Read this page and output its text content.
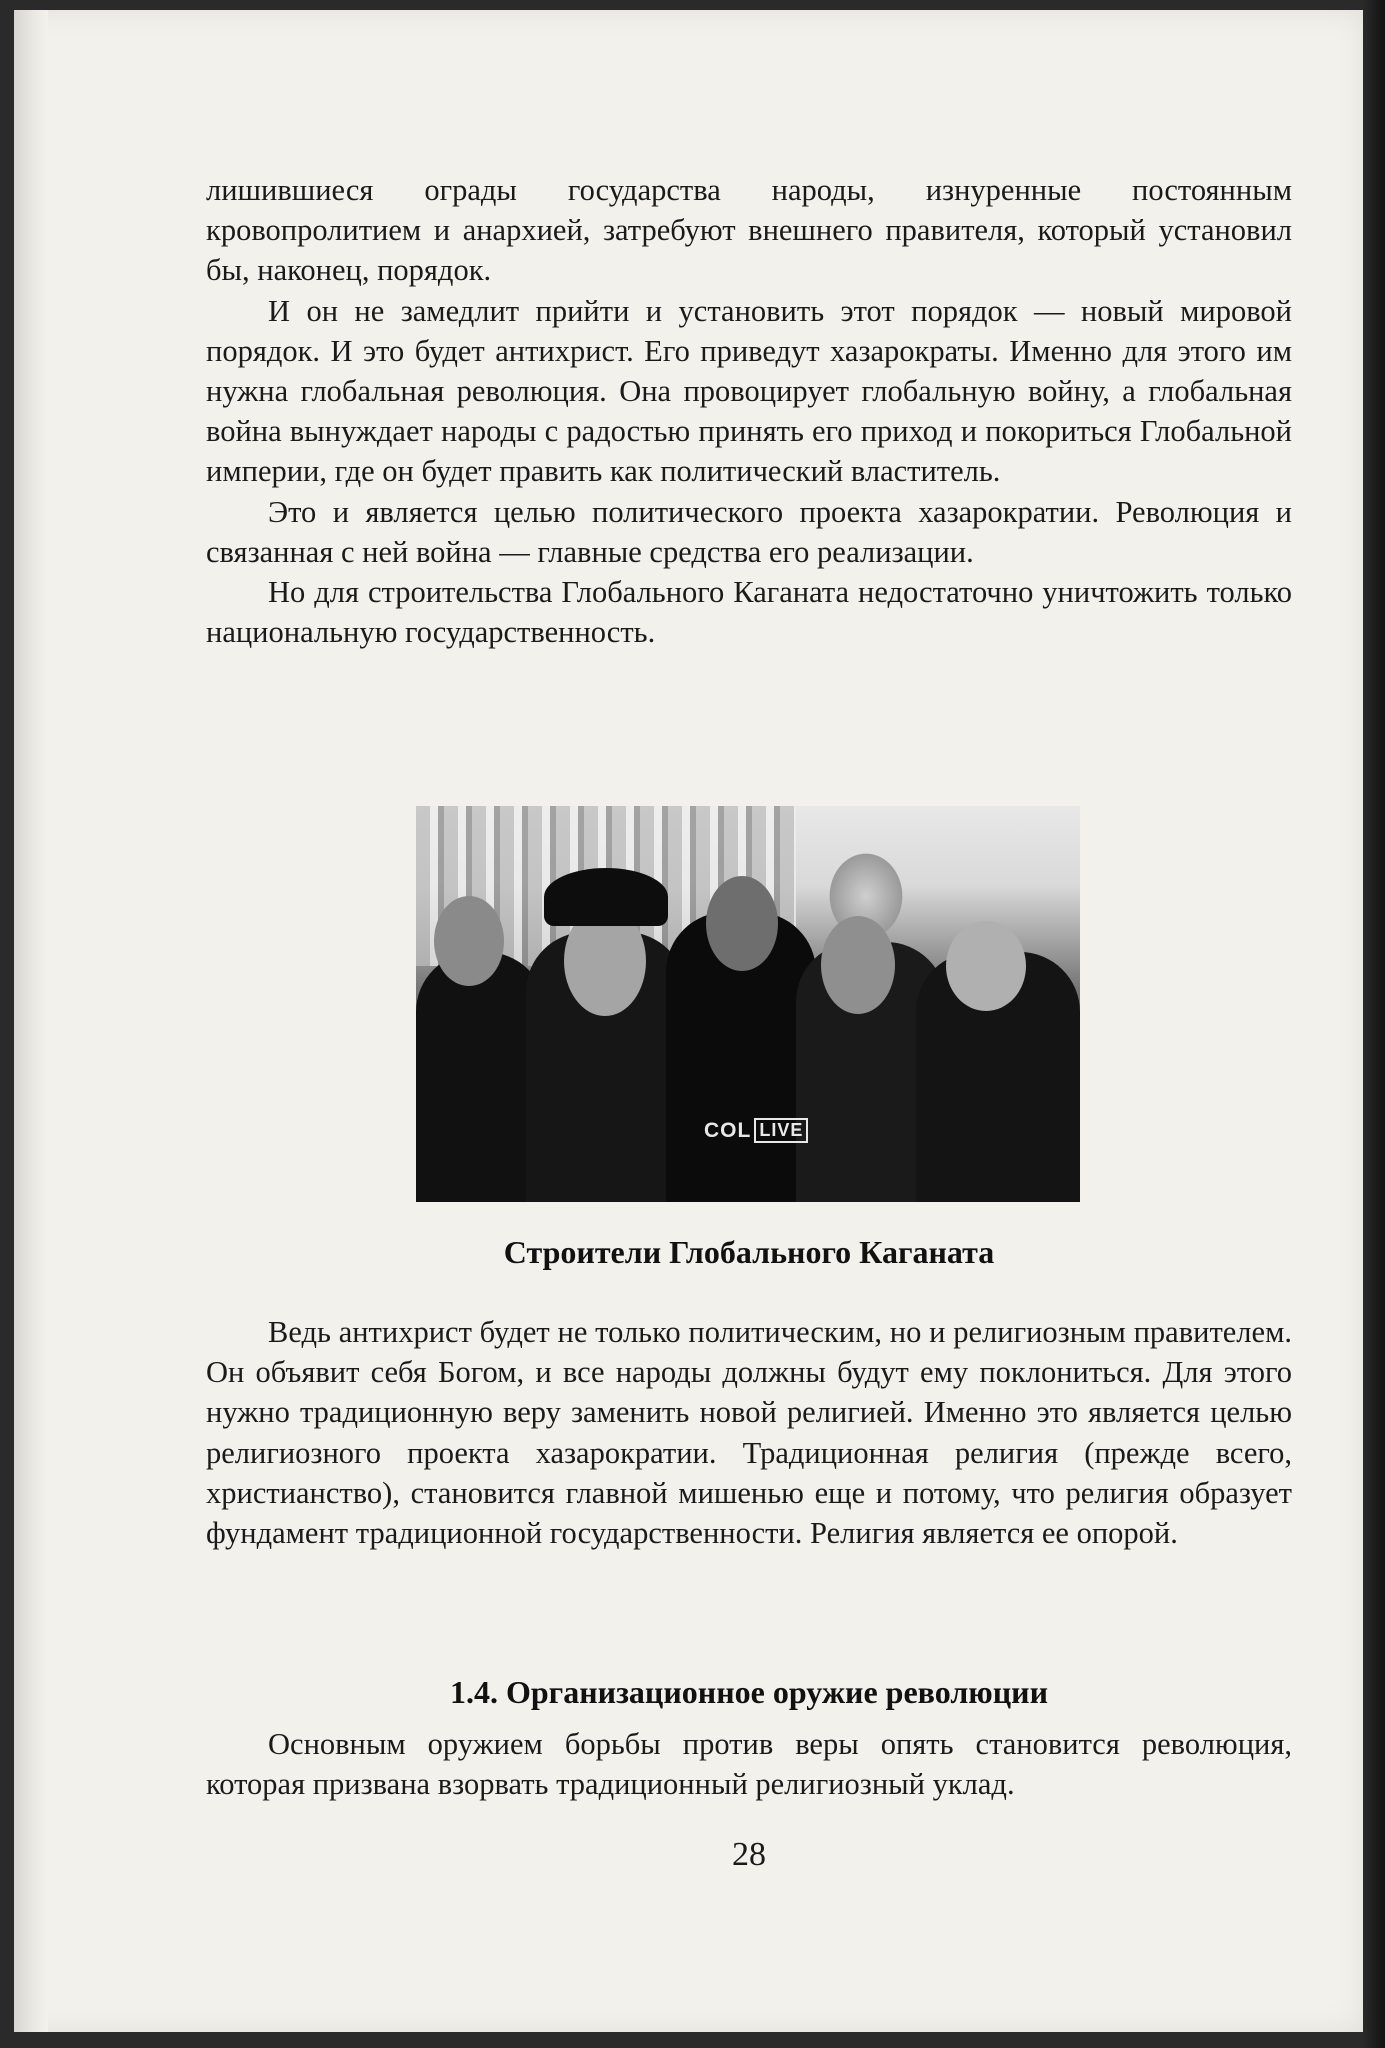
лишившиеся ограды государства народы, изнуренные постоянным кровопролитием и анархией, затребуют внешнего правителя, который установил бы, наконец, порядок.

И он не замедлит прийти и установить этот порядок — новый мировой порядок. И это будет антихрист. Его приведут хазарократы. Именно для этого им нужна глобальная революция. Она провоцирует глобальную войну, а глобальная война вынуждает народы с радостью принять его приход и покориться Глобальной империи, где он будет править как политический властитель.

Это и является целью политического проекта хазарократии. Революция и связанная с ней война — главные средства его реализации.

Но для строительства Глобального Каганата недостаточно уничтожить только национальную государственность.

COL LIVE
Строители Глобального Каганата

Ведь антихрист будет не только политическим, но и религиозным правителем. Он объявит себя Богом, и все народы должны будут ему поклониться. Для этого нужно традиционную веру заменить новой религией. Именно это является целью религиозного проекта хазарократии. Традиционная религия (прежде всего, христианство), становится главной мишенью еще и потому, что религия образует фундамент традиционной государственности. Религия является ее опорой.

1.4. Организационное оружие революции

Основным оружием борьбы против веры опять становится революция, которая призвана взорвать традиционный религиозный уклад.

28
